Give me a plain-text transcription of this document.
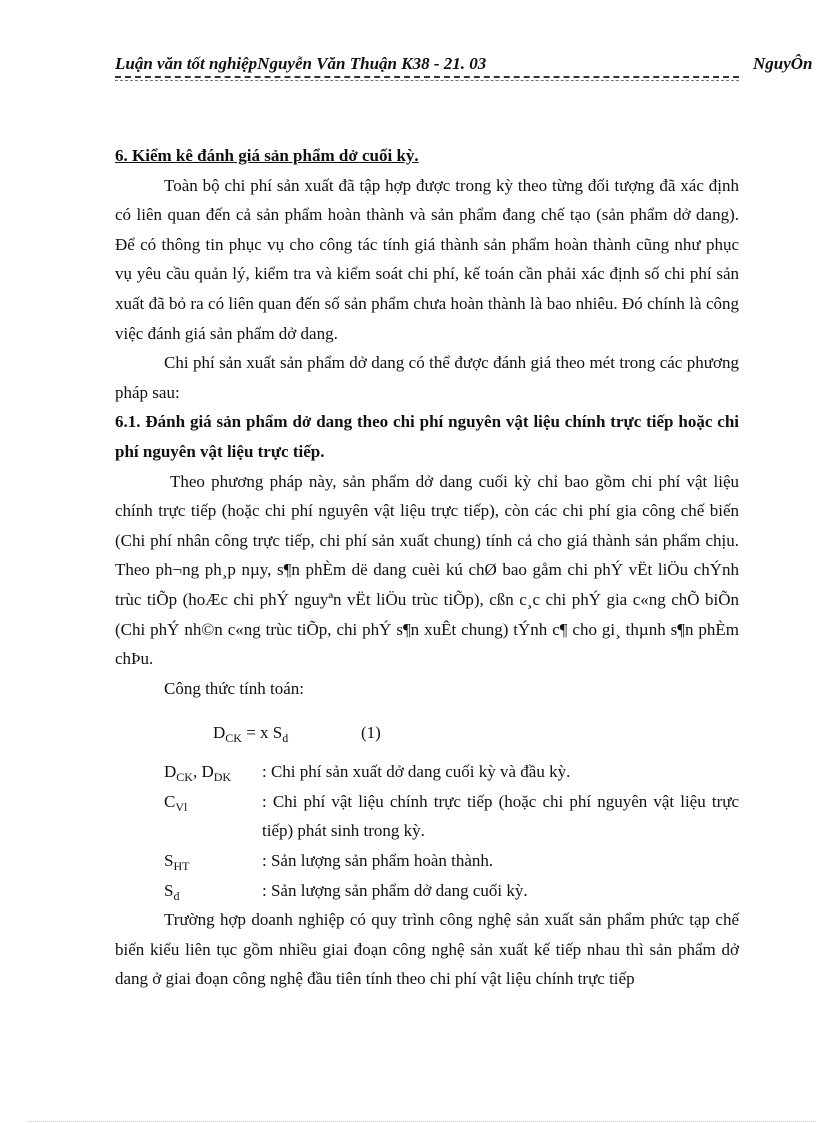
Luận văn tốt nghiệpNguyễn Văn Thuận K38 - 21. 03	NguyÔn

6. Kiểm kê đánh giá sản phẩm dở cuối kỳ.

Toàn bộ chi phí sản xuất đã tập hợp được trong kỳ theo từng đối tượng đã xác định có liên quan đến cả sản phẩm hoàn thành và sản phẩm đang chế tạo (sản phẩm dở dang). Để có thông tin phục vụ cho công tác tính giá thành sản phẩm hoàn thành cũng như phục vụ yêu cầu quản lý, kiểm tra và kiểm soát chi phí, kế toán cần phải xác định số chi phí sản xuất đã bỏ ra có liên quan đến số sản phẩm chưa hoàn thành là bao nhiêu. Đó chính là công việc đánh giá sản phẩm dở dang.

Chi phí sản xuất sản phẩm dở dang có thể được đánh giá theo mét trong các phương pháp sau:

6.1. Đánh giá sản phẩm dở dang theo chi phí nguyên vật liệu chính trực tiếp hoặc chi phí nguyên vật liệu trực tiếp.

Theo phương pháp này, sản phẩm dở dang cuối kỳ chỉ bao gồm chi phí vật liệu chính trực tiếp (hoặc chi phí nguyên vật liệu trực tiếp), còn các chi phí gia công chế biến (Chi phí nhân công trực tiếp, chi phí sản xuất chung) tính cả cho giá thành sản phẩm chịu. Theo ph¬ng ph¸p nµy, s¶n phÈm dë dang cuèi kú chØ bao gåm chi phÝ vËt liÖu chÝnh trùc tiÕp (hoÆc chi phÝ nguyªn vËt liÖu trùc tiÕp), cßn c¸c chi phÝ gia c«ng chÕ biÕn (Chi phÝ nh©n c«ng trùc tiÕp, chi phÝ s¶n xuÊt chung) tÝnh c¶ cho gi¸ thµnh s¶n phÈm chÞu.

Công thức tính toán:

$D_{CK} = x$ $S_d$	(1)
$D_{CK}$, $D_{DK}$ : Chi phí sản xuất dở dang cuối kỳ và đầu kỳ.

$C_{Vl}$	: Chi phí vật liệu chính trực tiếp (hoặc chi phí nguyên vật liệu trực tiếp) phát sinh trong kỳ.

$S_{HT}$	: Sản lượng sản phẩm hoàn thành.

$S_d$	: Sản lượng sản phẩm dở dang cuối kỳ.

Trường hợp doanh nghiệp có quy trình công nghệ sản xuất sản phẩm phức tạp chế biến kiểu liên tục gồm nhiều giai đoạn công nghệ sản xuất kế tiếp nhau thì sản phẩm dở dang ở giai đoạn công nghệ đầu tiên tính theo chi phí vật liệu chính trực tiếp
